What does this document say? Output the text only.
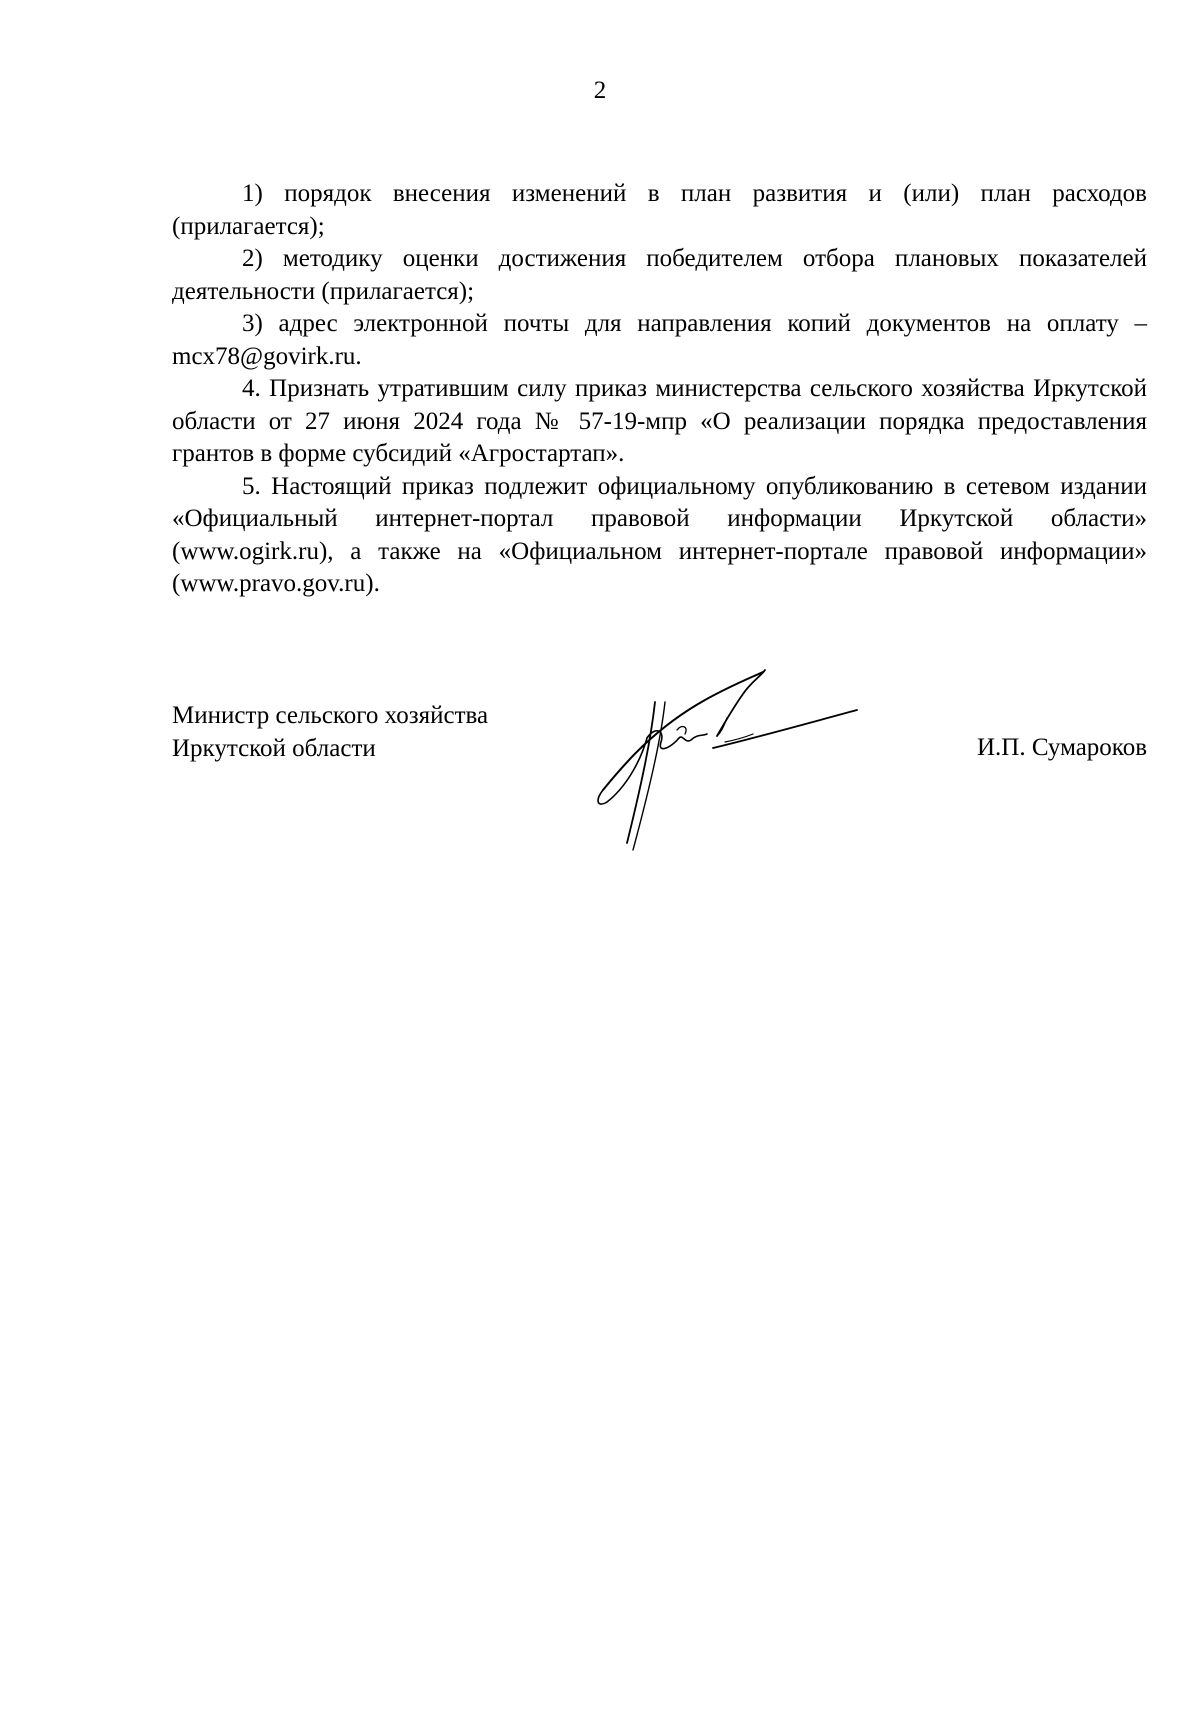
2

1) порядок внесения изменений в план развития и (или) план расходов (прилагается);

2) методику оценки достижения победителем отбора плановых показателей деятельности (прилагается);

3) адрес электронной почты для направления копий документов на оплату – mcx78@govirk.ru.

4. Признать утратившим силу приказ министерства сельского хозяйства Иркутской области от 27 июня 2024 года № 57-19-мпр «О реализации порядка предоставления грантов в форме субсидий «Агростартап».

5. Настоящий приказ подлежит официальному опубликованию в сетевом издании «Официальный интернет-портал правовой информации Иркутской области» (www.ogirk.ru), а также на «Официальном интернет-портале правовой информации» (www.pravo.gov.ru).

Министр сельского хозяйства
Иркутской области	И.П. Сумароков
